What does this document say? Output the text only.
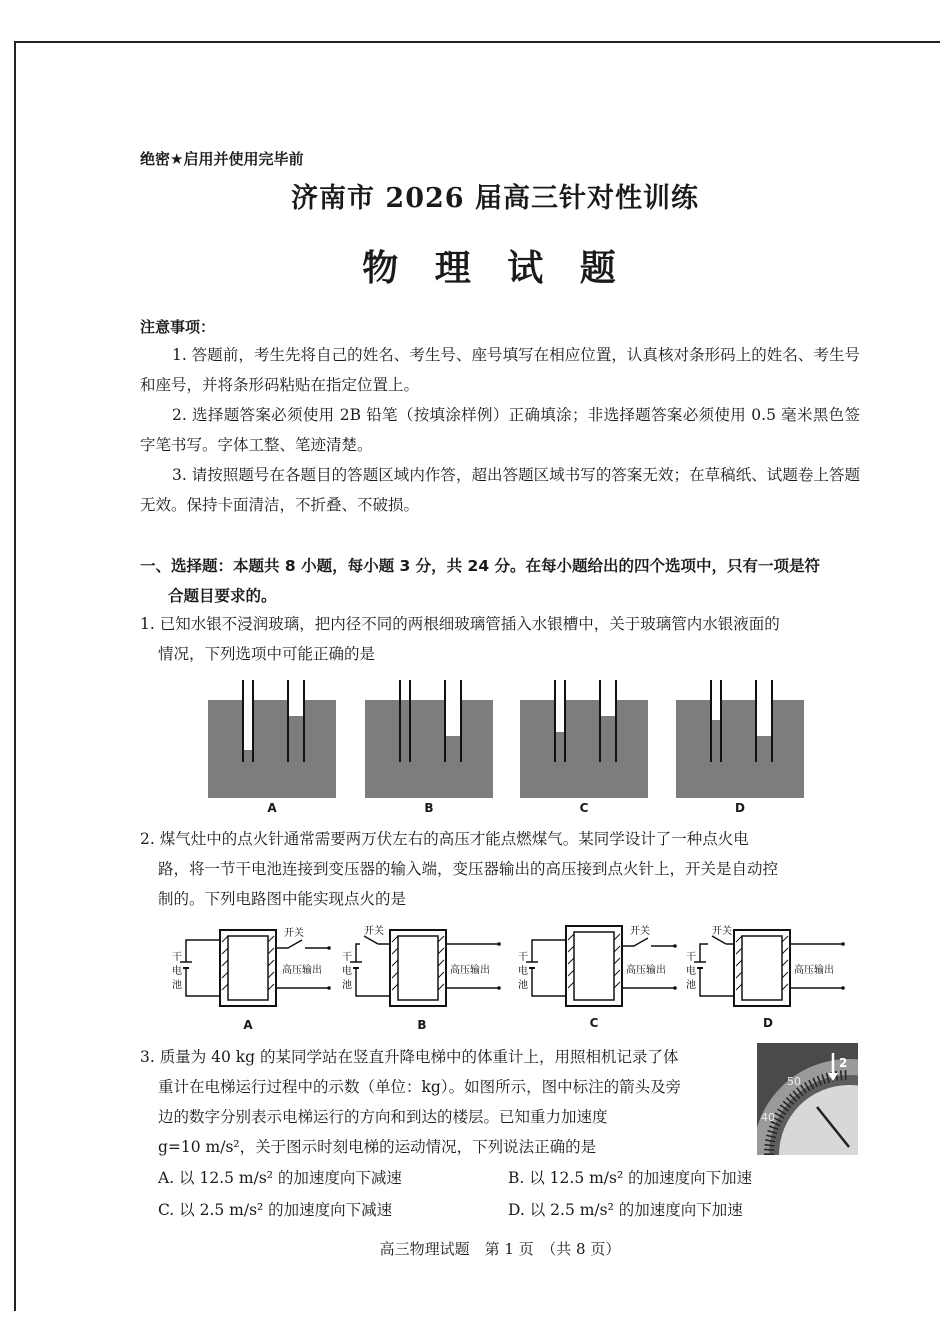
绝密★启用并使用完毕前
济南市 2026 届高三针对性训练
物 理 试 题
注意事项：
1. 答题前，考生先将自己的姓名、考生号、座号填写在相应位置，认真核对条形码上的姓名、考生号和座号，并将条形码粘贴在指定位置上。
2. 选择题答案必须使用 2B 铅笔（按填涂样例）正确填涂；非选择题答案必须使用 0.5 毫米黑色签字笔书写。字体工整、笔迹清楚。
3. 请按照题号在各题目的答题区域内作答，超出答题区域书写的答案无效；在草稿纸、试题卷上答题无效。保持卡面清洁，不折叠、不破损。
一、选择题：本题共 8 小题，每小题 3 分，共 24 分。在每小题给出的四个选项中，只有一项是符
合题目要求的。
1. 已知水银不浸润玻璃，把内径不同的两根细玻璃管插入水银槽中，关于玻璃管内水银液面的
情况，下列选项中可能正确的是
A	B	C	D
2. 煤气灶中的点火针通常需要两万伏左右的高压才能点燃煤气。某同学设计了一种点火电
路，将一节干电池连接到变压器的输入端，变压器输出的高压接到点火针上，开关是自动控
制的。下列电路图中能实现点火的是
干
电
池
开关
高压输出
干
电
池
开关
高压输出
干
电
池
开关
高压输出
干
电
池
开关
高压输出
A	B	C	D
3. 质量为 40 kg 的某同学站在竖直升降电梯中的体重计上，用照相机记录了体
重计在电梯运行过程中的示数（单位：kg）。如图所示，图中标注的箭头及旁
边的数字分别表示电梯运行的方向和到达的楼层。已知重力加速度
g=10 m/s²，关于图示时刻电梯的运动情况，下列说法正确的是
50
40
2
A. 以 12.5 m/s² 的加速度向下减速	B. 以 12.5 m/s² 的加速度向下加速
C. 以 2.5 m/s² 的加速度向下减速	D. 以 2.5 m/s² 的加速度向下加速
高三物理试题　第 1 页　（共 8 页）
